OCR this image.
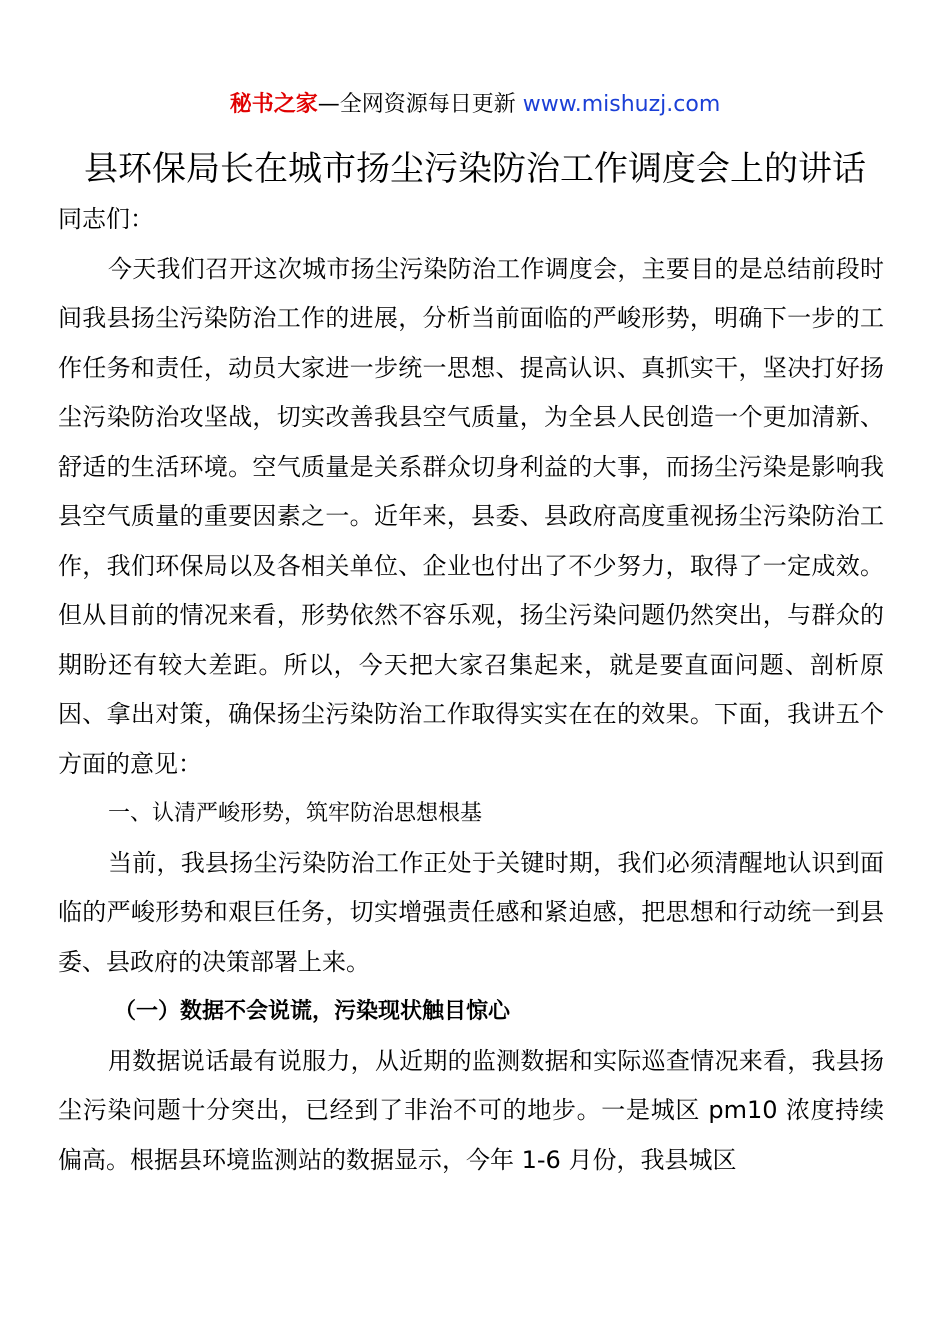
秘书之家—全网资源每日更新 www.mishuzj.com
县环保局长在城市扬尘污染防治工作调度会上的讲话

同志们：

今天我们召开这次城市扬尘污染防治工作调度会，主要目的是总结前段时间我县扬尘污染防治工作的进展，分析当前面临的严峻形势，明确下一步的工作任务和责任，动员大家进一步统一思想、提高认识、真抓实干，坚决打好扬尘污染防治攻坚战，切实改善我县空气质量，为全县人民创造一个更加清新、舒适的生活环境。空气质量是关系群众切身利益的大事，而扬尘污染是影响我县空气质量的重要因素之一。近年来，县委、县政府高度重视扬尘污染防治工作，我们环保局以及各相关单位、企业也付出了不少努力，取得了一定成效。但从目前的情况来看，形势依然不容乐观，扬尘污染问题仍然突出，与群众的期盼还有较大差距。所以，今天把大家召集起来，就是要直面问题、剖析原因、拿出对策，确保扬尘污染防治工作取得实实在在的效果。下面，我讲五个方面的意见：

一、认清严峻形势，筑牢防治思想根基

当前，我县扬尘污染防治工作正处于关键时期，我们必须清醒地认识到面临的严峻形势和艰巨任务，切实增强责任感和紧迫感，把思想和行动统一到县委、县政府的决策部署上来。

（一）数据不会说谎，污染现状触目惊心

用数据说话最有说服力，从近期的监测数据和实际巡查情况来看，我县扬尘污染问题十分突出，已经到了非治不可的地步。一是城区 pm10 浓度持续偏高。根据县环境监测站的数据显示，今年 1-6 月份，我县城区
